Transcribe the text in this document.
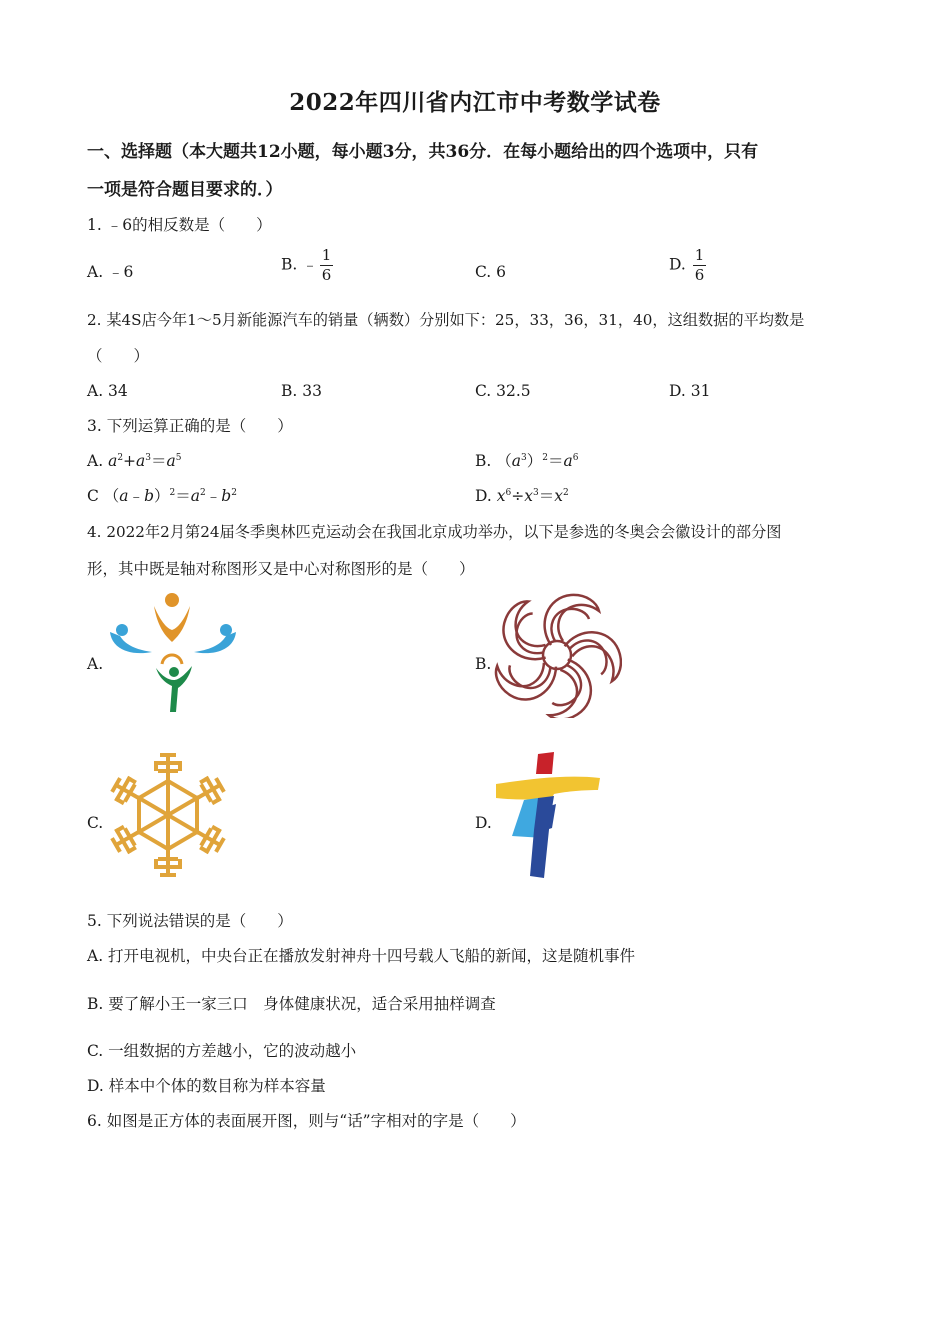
2022年四川省内江市中考数学试卷
一、选择题（本大题共12小题，每小题3分，共36分．在每小题给出的四个选项中，只有
一项是符合题目要求的．）
1. ﹣6的相反数是（　　）
A. ﹣6	B. ﹣ $\frac{1}{6}$	C. 6	D. $\frac{1}{6}$
2. 某4S店今年1～5月新能源汽车的销量（辆数）分别如下：25，33，36，31，40，这组数据的平均数是
（　　）
A. 34	B. 33	C. 32.5	D. 31
3. 下列运算正确的是（　　）
A. $a^2+a^3=a^5$	B. $(a^3)^2=a^6$
C $(a﹣b)^2=a^2﹣b^2$	D. $x^6\div x^3=x^2$
4. 2022年2月第24届冬季奥林匹克运动会在我国北京成功举办，以下是参选的冬奥会会徽设计的部分图
形，其中既是轴对称图形又是中心对称图形的是（　　）
A.	B.
C.	D.
5. 下列说法错误的是（　　）
A. 打开电视机，中央台正在播放发射神舟十四号载人飞船的新闻，这是随机事件
B. 要了解小王一家三口　身体健康状况，适合采用抽样调查
C. 一组数据的方差越小，它的波动越小
D. 样本中个体的数目称为样本容量
6. 如图是正方体的表面展开图，则与“话”字相对的字是（　　）
